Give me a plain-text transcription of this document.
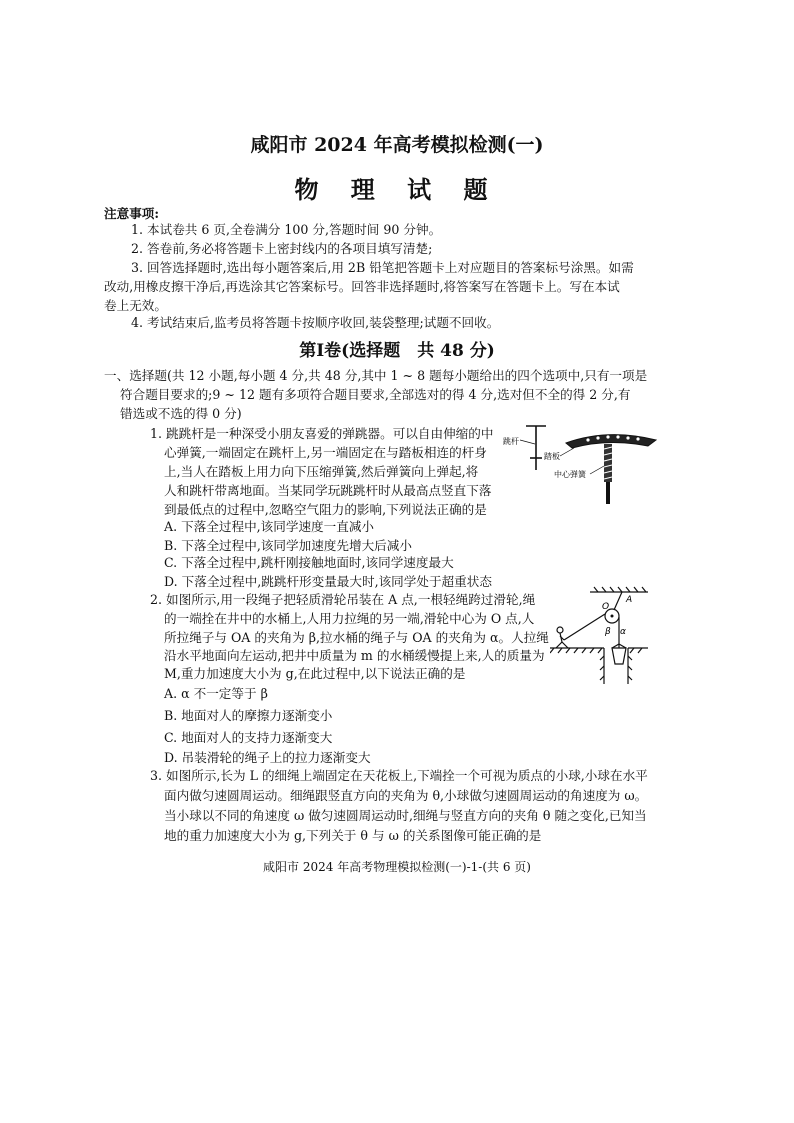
咸阳市 2024 年高考模拟检测(一)
物 理 试 题
注意事项:
1. 本试卷共 6 页,全卷满分 100 分,答题时间 90 分钟。
2. 答卷前,务必将答题卡上密封线内的各项目填写清楚;
3. 回答选择题时,选出每小题答案后,用 2B 铅笔把答题卡上对应题目的答案标号涂黑。如需
改动,用橡皮擦干净后,再选涂其它答案标号。回答非选择题时,将答案写在答题卡上。写在本试
卷上无效。
4. 考试结束后,监考员将答题卡按顺序收回,装袋整理;试题不回收。
第Ⅰ卷(选择题　共 48 分)
一、选择题(共 12 小题,每小题 4 分,共 48 分,其中 1 ~ 8 题每小题给出的四个选项中,只有一项是
符合题目要求的;9 ~ 12 题有多项符合题目要求,全部选对的得 4 分,选对但不全的得 2 分,有
错选或不选的得 0 分)
1. 跳跳杆是一种深受小朋友喜爱的弹跳器。可以自由伸缩的中
心弹簧,一端固定在跳杆上,另一端固定在与踏板相连的杆身
上,当人在踏板上用力向下压缩弹簧,然后弹簧向上弹起,将
人和跳杆带离地面。当某同学玩跳跳杆时从最高点竖直下落
到最低点的过程中,忽略空气阻力的影响,下列说法正确的是
A. 下落全过程中,该同学速度一直减小
B. 下落全过程中,该同学加速度先增大后减小
C. 下落全过程中,跳杆刚接触地面时,该同学速度最大
D. 下落全过程中,跳跳杆形变量最大时,该同学处于超重状态
跳杆
踏板
中心弹簧
2. 如图所示,用一段绳子把轻质滑轮吊装在 A 点,一根轻绳跨过滑轮,绳
的一端拴在井中的水桶上,人用力拉绳的另一端,滑轮中心为 O 点,人
所拉绳子与 OA 的夹角为 β,拉水桶的绳子与 OA 的夹角为 α。人拉绳
沿水平地面向左运动,把井中质量为 m 的水桶缓慢提上来,人的质量为
M,重力加速度大小为 g,在此过程中,以下说法正确的是
A. α 不一定等于 β
B. 地面对人的摩擦力逐渐变小
C. 地面对人的支持力逐渐变大
D. 吊装滑轮的绳子上的拉力逐渐变大
A
O
β α
3. 如图所示,长为 L 的细绳上端固定在天花板上,下端拴一个可视为质点的小球,小球在水平
面内做匀速圆周运动。细绳跟竖直方向的夹角为 θ,小球做匀速圆周运动的角速度为 ω。
当小球以不同的角速度 ω 做匀速圆周运动时,细绳与竖直方向的夹角 θ 随之变化,已知当
地的重力加速度大小为 g,下列关于 θ 与 ω 的关系图像可能正确的是
咸阳市 2024 年高考物理模拟检测(一)-1-(共 6 页)
